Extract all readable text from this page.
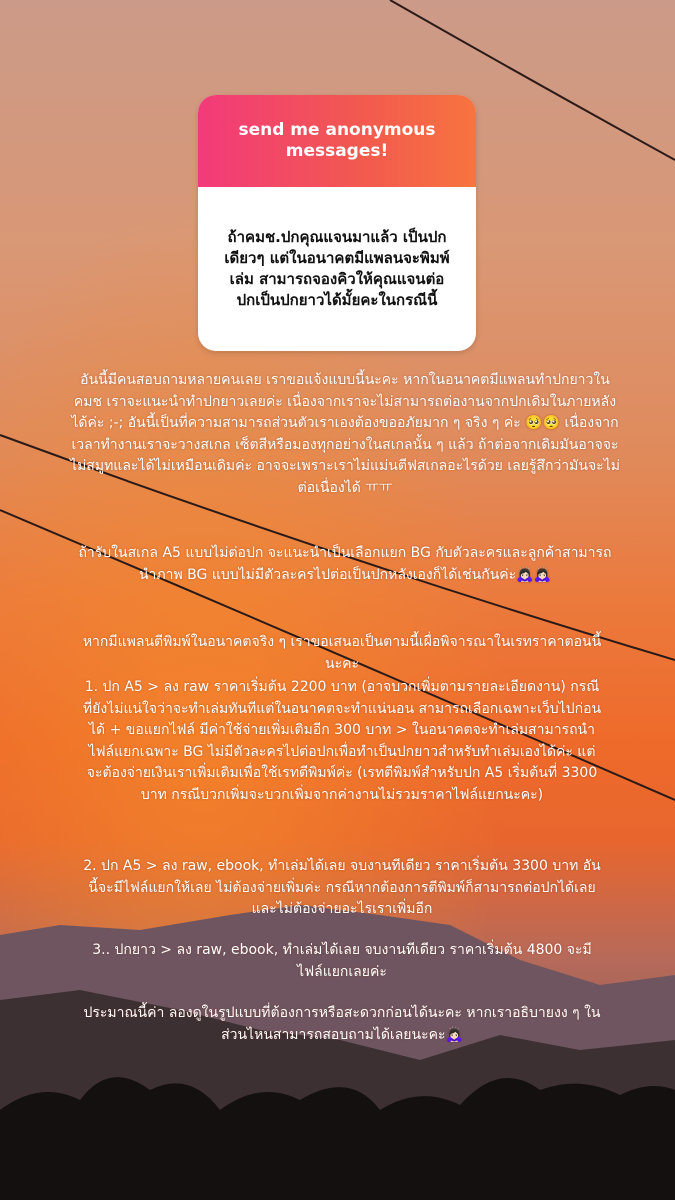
send me anonymous messages!
ถ้าคมช.ปกคุณแจนมาแล้ว เป็นปกเดียวๆ แต่ในอนาคตมีแพลนจะพิมพ์เล่ม สามารถจองคิวให้คุณแจนต่อปกเป็นปกยาวได้มั้ยคะในกรณีนี้
อันนี้มีคนสอบถามหลายคนเลย เราขอแจ้งแบบนี้นะคะ หากในอนาคตมีแพลนทำปกยาวใน คมช เราจะแนะนำทำปกยาวเลยค่ะ เนื่องจากเราจะไม่สามารถต่องานจากปกเดิมในภายหลังได้ค่ะ ;-; อันนี้เป็นที่ความสามารถส่วนตัวเราเองต้องขออภัยมาก ๆ จริง ๆ ค่ะ 🥺🥺 เนื่องจากเวลาทำงานเราจะวางสเกล เซ็ตสีหรือมองทุกอย่างในสเกลนั้น ๆ แล้ว ถ้าต่อจากเดิมมันอาจจะไม่สมูทและได้ไม่เหมือนเดิมค่ะ อาจจะเพราะเราไม่แม่นตีฟสเกลอะไรด้วย เลยรู้สึกว่ามันจะไม่ต่อเนื่องได้ ㅠㅠ
ถ้ารับในสเกล A5 แบบไม่ต่อปก จะแนะนำเป็นเลือกแยก BG กับตัวละครและลูกค้าสามารถนำภาพ BG แบบไม่มีตัวละครไปต่อเป็นปกหลังเองก็ได้เช่นกันค่ะ🙇🏻‍♀️🙇🏻‍♀️
หากมีแพลนตีพิมพ์ในอนาคตจริง ๆ เราขอเสนอเป็นตามนี้เผื่อพิจารณาในเรทราคาตอนนี้นะคะ
1. ปก A5 > ลง raw ราคาเริ่มต้น 2200 บาท (อาจบวกเพิ่มตามรายละเอียดงาน) กรณีที่ยังไม่แน่ใจว่าจะทำเล่มทันทีแต่ในอนาคตจะทำแน่นอน สามารถเลือกเฉพาะเว็บไปก่อนได้ + ขอแยกไฟล์ มีค่าใช้จ่ายเพิ่มเติมอีก 300 บาท > ในอนาคตจะทำเล่มสามารถนำไฟล์แยกเฉพาะ BG ไม่มีตัวละครไปต่อปกเพื่อทำเป็นปกยาวสำหรับทำเล่มเองได้ค่ะ แต่จะต้องจ่ายเงินเราเพิ่มเติมเพื่อใช้เรทตีพิมพ์ค่ะ (เรทตีพิมพ์สำหรับปก A5 เริ่มต้นที่ 3300 บาท กรณีบวกเพิ่มจะบวกเพิ่มจากค่างานไม่รวมราคาไฟล์แยกนะคะ)
2. ปก A5 > ลง raw, ebook, ทำเล่มได้เลย จบงานทีเดียว ราคาเริ่มต้น 3300 บาท อันนี้จะมีไฟล์แยกให้เลย ไม่ต้องจ่ายเพิ่มค่ะ กรณีหากต้องการตีพิมพ์ก็สามารถต่อปกได้เลย และไม่ต้องจ่ายอะไรเราเพิ่มอีก
3.. ปกยาว > ลง raw, ebook, ทำเล่มได้เลย จบงานทีเดียว ราคาเริ่มต้น 4800 จะมีไฟล์แยกเลยค่ะ
ประมาณนี้ค่า ลองดูในรูปแบบที่ต้องการหรือสะดวกก่อนได้นะคะ หากเราอธิบายงง ๆ ในส่วนไหนสามารถสอบถามได้เลยนะคะ🙇🏻‍♀️
